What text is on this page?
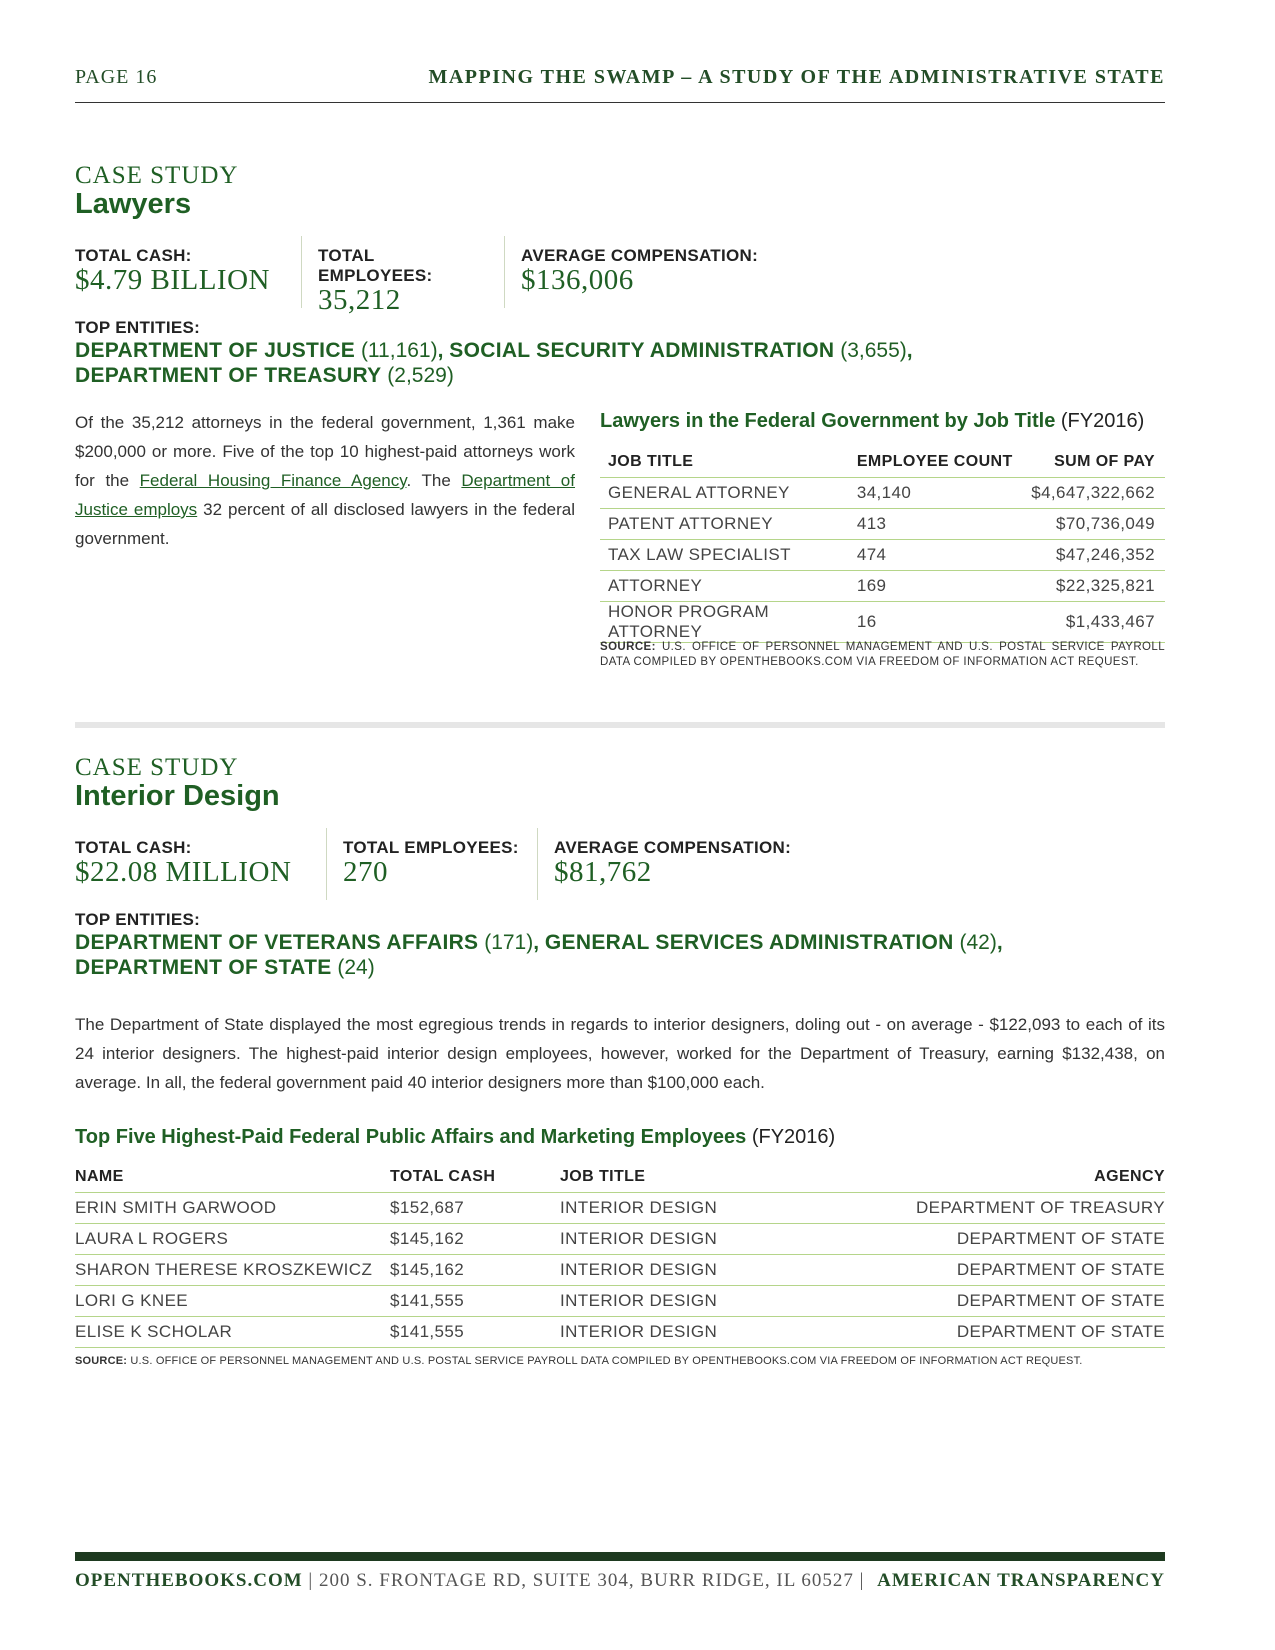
PAGE 16	MAPPING THE SWAMP – A STUDY OF THE ADMINISTRATIVE STATE
CASE STUDY
Lawyers
TOTAL CASH:
$4.79 BILLION
TOTAL EMPLOYEES:
35,212
AVERAGE COMPENSATION:
$136,006
TOP ENTITIES:
DEPARTMENT OF JUSTICE (11,161), SOCIAL SECURITY ADMINISTRATION (3,655),
DEPARTMENT OF TREASURY (2,529)
Of the 35,212 attorneys in the federal government, 1,361 make $200,000 or more. Five of the top 10 highest-paid attorneys work for the Federal Housing Finance Agency. The Department of Justice employs 32 percent of all disclosed lawyers in the federal government.
Lawyers in the Federal Government by Job Title (FY2016)
JOB TITLE	EMPLOYEE COUNT	SUM OF PAY
GENERAL ATTORNEY	34,140	$4,647,322,662
PATENT ATTORNEY	413	$70,736,049
TAX LAW SPECIALIST	474	$47,246,352
ATTORNEY	169	$22,325,821
HONOR PROGRAM ATTORNEY	16	$1,433,467
SOURCE: U.S. OFFICE OF PERSONNEL MANAGEMENT AND U.S. POSTAL SERVICE PAYROLL DATA COMPILED BY OPENTHEBOOKS.COM VIA FREEDOM OF INFORMATION ACT REQUEST.
CASE STUDY
Interior Design
TOTAL CASH:
$22.08 MILLION
TOTAL EMPLOYEES:
270
AVERAGE COMPENSATION:
$81,762
TOP ENTITIES:
DEPARTMENT OF VETERANS AFFAIRS (171), GENERAL SERVICES ADMINISTRATION (42),
DEPARTMENT OF STATE (24)
The Department of State displayed the most egregious trends in regards to interior designers, doling out - on average - $122,093 to each of its 24 interior designers. The highest-paid interior design employees, however, worked for the Department of Treasury, earning $132,438, on average. In all, the federal government paid 40 interior designers more than $100,000 each.
Top Five Highest-Paid Federal Public Affairs and Marketing Employees (FY2016)
NAME	TOTAL CASH	JOB TITLE	AGENCY
ERIN SMITH GARWOOD	$152,687	INTERIOR DESIGN	DEPARTMENT OF TREASURY
LAURA L ROGERS	$145,162	INTERIOR DESIGN	DEPARTMENT OF STATE
SHARON THERESE KROSZKEWICZ	$145,162	INTERIOR DESIGN	DEPARTMENT OF STATE
LORI G KNEE	$141,555	INTERIOR DESIGN	DEPARTMENT OF STATE
ELISE K SCHOLAR	$141,555	INTERIOR DESIGN	DEPARTMENT OF STATE
SOURCE: U.S. OFFICE OF PERSONNEL MANAGEMENT AND U.S. POSTAL SERVICE PAYROLL DATA COMPILED BY OPENTHEBOOKS.COM VIA FREEDOM OF INFORMATION ACT REQUEST.
OPENTHEBOOKS.COM | 200 S. FRONTAGE RD, SUITE 304, BURR RIDGE, IL 60527 | AMERICAN TRANSPARENCY
